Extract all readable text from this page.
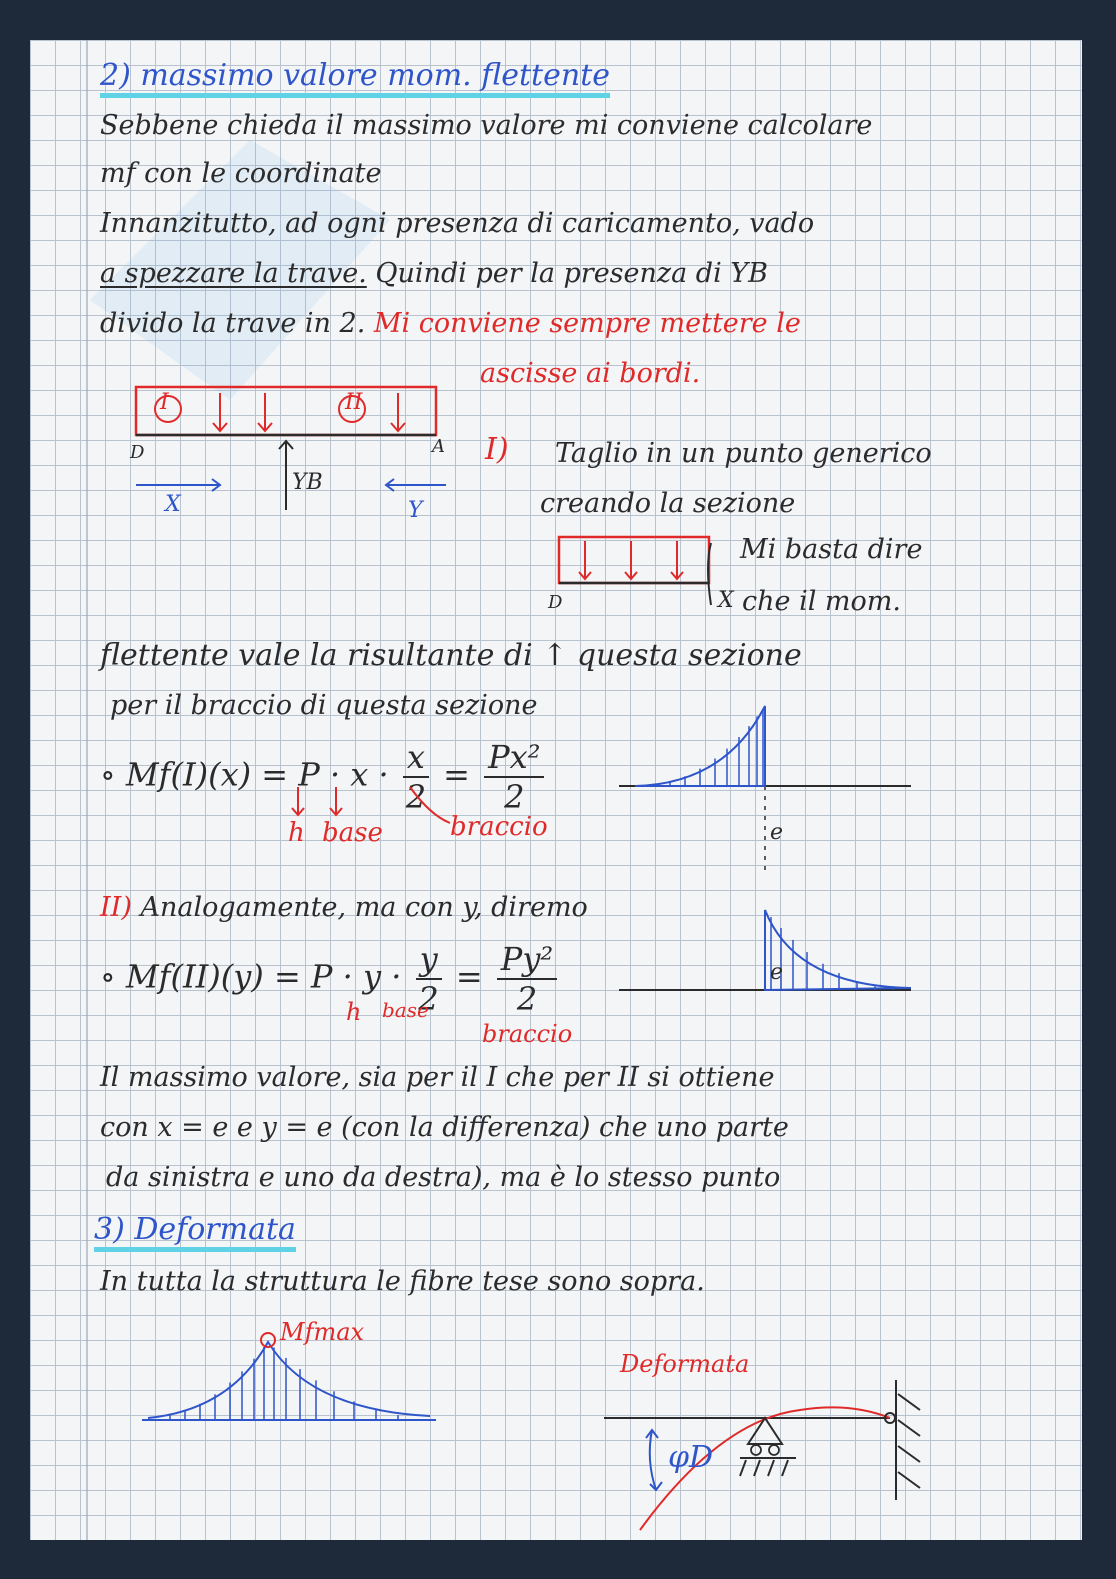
2) massimo valore mom. flettente
Sebbene chieda il massimo valore mi conviene calcolare
mf con le coordinate
Innanzitutto, ad ogni presenza di caricamento, vado
a spezzare la trave. Quindi per la presenza di YB
divido la trave in 2. Mi conviene sempre mettere le
ascisse ai bordi.
I	II
D	A
YB
X	Y
I) Taglio in un punto generico
creando la sezione
D	X
Mi basta dire
che il mom.
flettente vale la risultante di ↑ questa sezione
per il braccio di questa sezione
∘ $Mf(I)(x) = P \cdot x \cdot \frac{x}{2} = \frac{\text{Px²}}{2}$
h base	braccio	e
II) Analogamente, ma con y, diremo
∘ $Mf(II)(y) = P \cdot y \cdot \frac{y}{2} = \frac{\text{Py²}}{2}$
h base
braccio
e
Il massimo valore, sia per il I che per II si ottiene
con x = e e y = e (con la differenza) che uno parte
da sinistra e uno da destra), ma è lo stesso punto
3) Deformata
In tutta la struttura le fibre tese sono sopra.
Mfmax
Deformata
φD
